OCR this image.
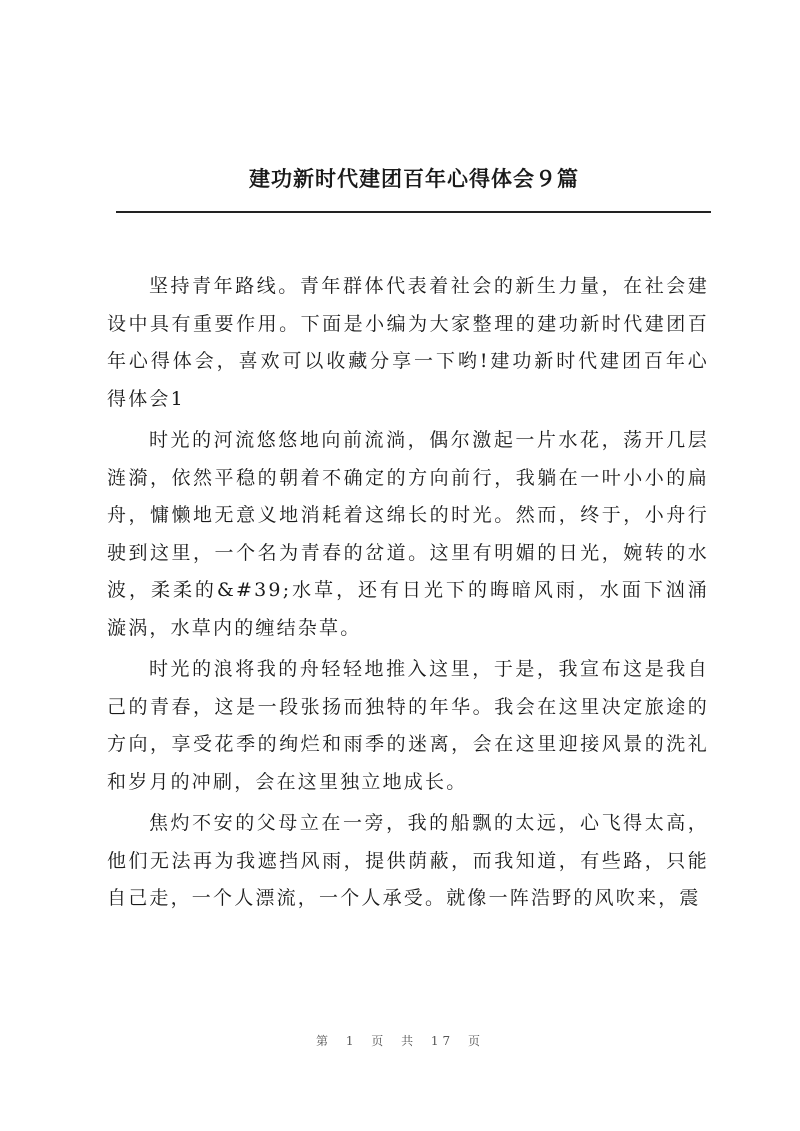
建功新时代建团百年心得体会９篇

坚持青年路线。青年群体代表着社会的新生力量，在社会建设中具有重要作用。下面是小编为大家整理的建功新时代建团百年心得体会，喜欢可以收藏分享一下哟!建功新时代建团百年心得体会1

时光的河流悠悠地向前流淌，偶尔激起一片水花，荡开几层涟漪，依然平稳的朝着不确定的方向前行，我躺在一叶小小的扁舟，慵懒地无意义地消耗着这绵长的时光。然而，终于，小舟行驶到这里，一个名为青春的岔道。这里有明媚的日光，婉转的水波，柔柔的&#39;水草，还有日光下的晦暗风雨，水面下汹涌漩涡，水草内的缠结杂草。

时光的浪将我的舟轻轻地推入这里，于是，我宣布这是我自己的青春，这是一段张扬而独特的年华。我会在这里决定旅途的方向，享受花季的绚烂和雨季的迷离，会在这里迎接风景的洗礼和岁月的冲刷，会在这里独立地成长。

焦灼不安的父母立在一旁，我的船飘的太远，心飞得太高，他们无法再为我遮挡风雨，提供荫蔽，而我知道，有些路，只能自己走，一个人漂流，一个人承受。就像一阵浩野的风吹来，震

第 1 页 共 17 页
